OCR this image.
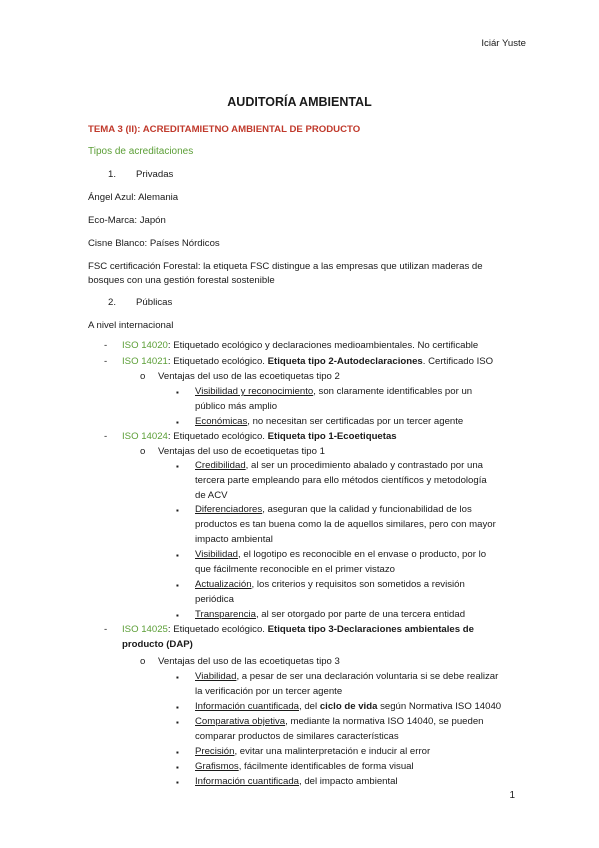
Iciár Yuste
AUDITORÍA AMBIENTAL
TEMA 3 (II): ACREDITAMIETNO AMBIENTAL DE PRODUCTO
Tipos de acreditaciones
1. Privadas
Ángel Azul: Alemania
Eco-Marca: Japón
Cisne Blanco: Países Nórdicos
FSC certificación Forestal: la etiqueta FSC distingue a las empresas que utilizan maderas de
bosques con una gestión forestal sostenible
2. Públicas
A nivel internacional
- ISO 14020: Etiquetado ecológico y declaraciones medioambientales. No certificable
- ISO 14021: Etiquetado ecológico. Etiqueta tipo 2-Autodeclaraciones. Certificado ISO
o Ventajas del uso de las ecoetiquetas tipo 2
▪ Visibilidad y reconocimiento, son claramente identificables por un
público más amplio
▪ Económicas, no necesitan ser certificadas por un tercer agente
- ISO 14024: Etiquetado ecológico. Etiqueta tipo 1-Ecoetiquetas
o Ventajas del uso de ecoetiquetas tipo 1
▪ Credibilidad, al ser un procedimiento abalado y contrastado por una
tercera parte empleando para ello métodos científicos y metodología
de ACV
▪ Diferenciadores, aseguran que la calidad y funcionabilidad de los
productos es tan buena como la de aquellos similares, pero con mayor
impacto ambiental
▪ Visibilidad, el logotipo es reconocible en el envase o producto, por lo
que fácilmente reconocible en el primer vistazo
▪ Actualización, los criterios y requisitos son sometidos a revisión
periódica
▪ Transparencia, al ser otorgado por parte de una tercera entidad
- ISO 14025: Etiquetado ecológico. Etiqueta tipo 3-Declaraciones ambientales de
producto (DAP)
o Ventajas del uso de las ecoetiquetas tipo 3
▪ Viabilidad, a pesar de ser una declaración voluntaria si se debe realizar
la verificación por un tercer agente
▪ Información cuantificada, del ciclo de vida según Normativa ISO 14040
▪ Comparativa objetiva, mediante la normativa ISO 14040, se pueden
comparar productos de similares características
▪ Precisión, evitar una malinterpretación e inducir al error
▪ Grafismos, fácilmente identificables de forma visual
▪ Información cuantificada, del impacto ambiental
1
